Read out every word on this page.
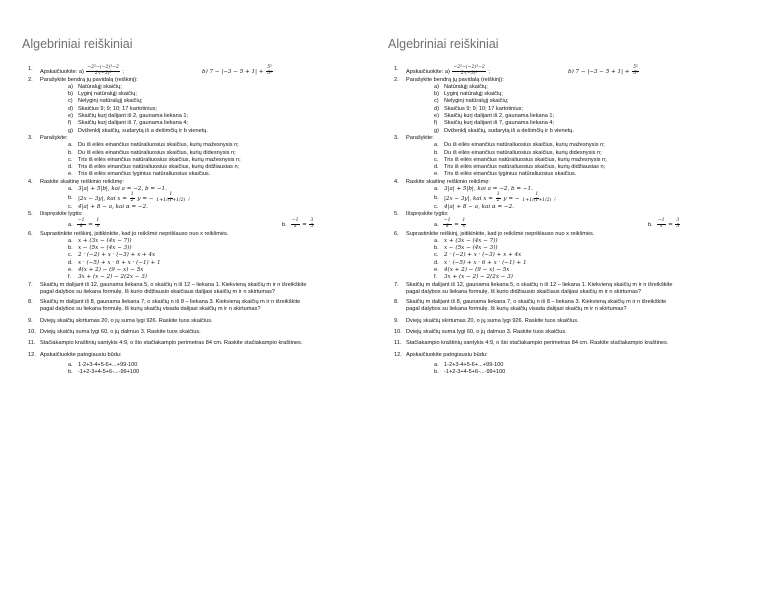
Algebriniai reiškiniai
1.	Apskaičiuokite: $a) \frac{\text{−2²−(−2)³−2}}{\text{2·(−3)²}}$ ;	b) $7 - |-3 - 5 + 1| + \frac{\text{5²}}{\text{5³}}$
2.	Parašykite bendrą jų pavidalą (reiškinį):
a) Natūralųjį skaičių;
b) Lyginį natūralųjį skaičių;
c) Nelyginį natūralųjį skaičių;
d) Skaičius 9; 9; 10; 17 kartotinius;
e) Skaičių kurį dalijant iš 2, gaunama liekana 1;
f)	Skaičių kurį dalijant iš 7, gaunama liekana 4;
g) Dviženklį skaičių, sudarytą iš a dešimčių ir b vienetų.
3.	Parašykite:
a. Du iš eilės einančius natūraliuosius skaičius, kurių mažesnysis n;
b. Du iš eilės einančius natūraliuosius skaičius, kurių didesnysis n;
c.	Tris iš eilės einančius natūraliuosius skaičius, kurių mažesnysis n;
d. Tris iš eilės einančius natūraliuosius skaičius, kurių didžiausias n;
e. Tris iš eilės einančius lyginius natūraliuosius skaičius.
4.	Raskite skaitinę reiškinio reikšmę:
a. 3|a| + 5|b|, kai a = −2, b = −1.
b. |2x − 3y|, kai $x = \frac{1}{2}$ y = − $\frac{1}{1+1/(1+1/2)}$ ;
c.	4|a| + 8 − a, kai α = −2.
5.	Išspręskite lygtis:
a. $\frac{-1}{8} = \frac{1}{x}$	b. $\frac{-1}{x} = \frac{3}{5}$
6.	Suprastinkite reiškinį, įsitikinkite, kad jo reikšmė nepriklauso nuo x reikšmės.
a. x + (3x − (4x − 7))
b. x − (5x − (4x − 3))
c.	2 · (−2) + x · (−3) + x + 4x
d. x · (−5) + x · 6 + x · (−1) + 1
e. 4(x + 2) − (9 − x) − 5x
f.	3x + (x − 2) − 2(2x − 3)
7.	Skaičių m dalijant iš 12, gaunama liekana 5, o skaičių n iš 12 – liekana 1. Kiekvieną skaičių m ir n išreikškite
pagal dalybos su liekana formulę. Iš kurio didžiausio skaičiaus dalijasi skaičių m ir n skirtumas?
8.	Skaičių m dalijant iš 8, gaunama liekana 7, o skaičių n iš 8 – liekana 3. Kiekvieną skaičių m ir n išreikškite
pagal dalybos su liekana formulę. Iš kurių skaičių visada dalijasi skaičių m ir n skirtumas?
9.	Dviejų skaičių skirtumas 20, o jų suma lygi 926. Raskite tuos skaičius.
10. Dviejų skaičių suma lygi 60, o jų dalmuo 3. Raskite tuos skaičius.
11. Stačiakampio kraštinių santykis 4:9, o šio stačiakampio perimetras 84 cm. Raskite stačiakampio kraštines.
12. Apskaičiuokite patogiausiu būdu:
a. 1-2+3-4+5-6+...+99-100
b. -1+2-3+4-5+6-...-99+100
Algebriniai reiškiniai
1.	Apskaičiuokite: $a) \frac{\text{−2²−(−2)³−2}}{\text{2·(−3)²}}$ ;	b) $7 - |-3 - 5 + 1| + \frac{\text{5²}}{\text{5³}}$
2.	Parašykite bendrą jų pavidalą (reiškinį):
a) Natūralųjį skaičių;
b) Lyginį natūralųjį skaičių;
c) Nelyginį natūralųjį skaičių;
d) Skaičius 9; 9; 10; 17 kartotinius;
e) Skaičių kurį dalijant iš 2, gaunama liekana 1;
f)	Skaičių kurį dalijant iš 7, gaunama liekana 4;
g) Dviženklį skaičių, sudarytą iš a dešimčių ir b vienetų.
3.	Parašykite:
a. Du iš eilės einančius natūraliuosius skaičius, kurių mažesnysis n;
b. Du iš eilės einančius natūraliuosius skaičius, kurių didesnysis n;
c.	Tris iš eilės einančius natūraliuosius skaičius, kurių mažesnysis n;
d. Tris iš eilės einančius natūraliuosius skaičius, kurių didžiausias n;
e. Tris iš eilės einančius lyginius natūraliuosius skaičius.
4.	Raskite skaitinę reiškinio reikšmę:
a. 3|a| + 5|b|, kai a = −2, b = −1.
b. |2x − 3y|, kai $x = \frac{1}{2}$ y = − $\frac{1}{1+1/(1+1/2)}$ ;
c.	4|a| + 8 − a, kai α = −2.
5.	Išspręskite lygtis:
a. $\frac{-1}{8} = \frac{1}{x}$	b. $\frac{-1}{x} = \frac{3}{5}$
6.	Suprastinkite reiškinį, įsitikinkite, kad jo reikšmė nepriklauso nuo x reikšmės.
a. x + (3x − (4x − 7))
b. x − (5x − (4x − 3))
c.	2 · (−2) + x · (−3) + x + 4x
d. x · (−5) + x · 6 + x · (−1) + 1
e. 4(x + 2) − (9 − x) − 5x
f.	3x + (x − 2) − 2(2x − 3)
7.	Skaičių m dalijant iš 12, gaunama liekana 5, o skaičių n iš 12 – liekana 1. Kiekvieną skaičių m ir n išreikškite
pagal dalybos su liekana formulę. Iš kurio didžiausio skaičiaus dalijasi skaičių m ir n skirtumas?
8.	Skaičių m dalijant iš 8, gaunama liekana 7, o skaičių n iš 8 – liekana 3. Kiekvieną skaičių m ir n išreikškite
pagal dalybos su liekana formulę. Iš kurių skaičių visada dalijasi skaičių m ir n skirtumas?
9.	Dviejų skaičių skirtumas 20, o jų suma lygi 926. Raskite tuos skaičius.
10. Dviejų skaičių suma lygi 60, o jų dalmuo 3. Raskite tuos skaičius.
11. Stačiakampio kraštinių santykis 4:9, o šio stačiakampio perimetras 84 cm. Raskite stačiakampio kraštines.
12. Apskaičiuokite patogiausiu būdu:
a. 1-2+3-4+5-6+...+99-100
b. -1+2-3+4-5+6-...-99+100
